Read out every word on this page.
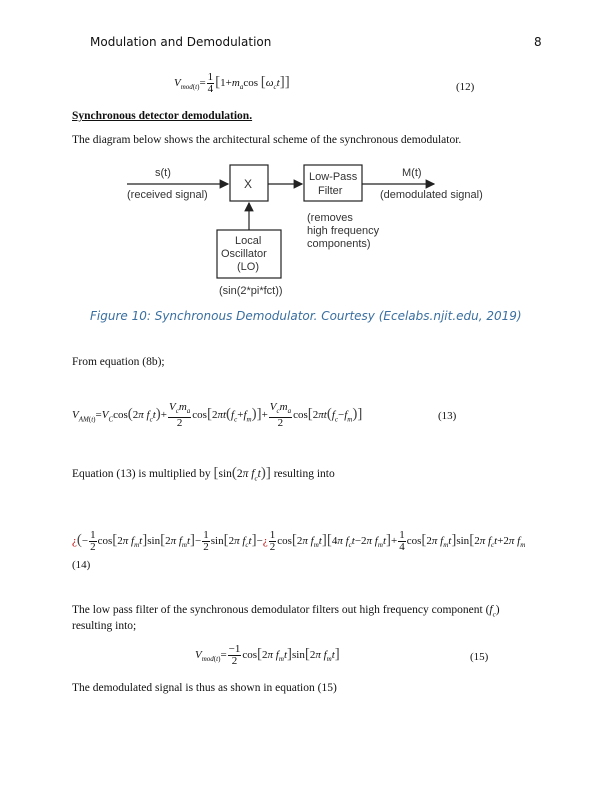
Modulation and Demodulation	8
$V_{mod(t)}= \frac{1}{4} [1+m_a\cos$ $[\omega_ct]$]	(12)
Synchronous detector demodulation.
The diagram below shows the architectural scheme of the synchronous demodulator.
s(t)
(received signal)
X	Low-Pass
Filter
(removes
high frequency
components)
M(t)
(demodulated signal)
Local
Oscillator
(LO)
(sin(2*pi*fct))
Figure 10: Synchronous Demodulator. Courtesy (Ecelabs.njit.edu, 2019)
From equation (8b);
$V_{AM(t)}=V_C\cos(2\pi$ $f_ct)+ \frac{V_cm_a}{2} \cos[2\pi t(f_c+f_m)]+ \frac{V_cm_a}{2} \cos[2\pi t(f_c-f_m)]$	(13)
Equation (13) is multiplied by [sin(2π $f_ct$)] resulting into
¿(− $\frac{1}{2} \cos[2\pi$ $f_mt]\sin[2\pi$ $f_mt]- \frac{1}{2} \sin[2\pi$ $f_ct]-¿ \frac{1}{2} \cos[2\pi$ $f_mt][4\pi$ $f_ct-2\pi$ $f_mt]+ \frac{1}{4} \cos[2\pi$ $f_mt]\sin[2\pi$ $f_ct+2\pi$ $f_m$
(14)
The low pass filter of the synchronous demodulator filters out high frequency component $(f_c)$
resulting into;
$V_{mod(t)}= \frac{-1}{2} \cos[2\pi$ $f_mt]\sin[2\pi$ $f_mt$]	(15)
The demodulated signal is thus as shown in equation (15)
